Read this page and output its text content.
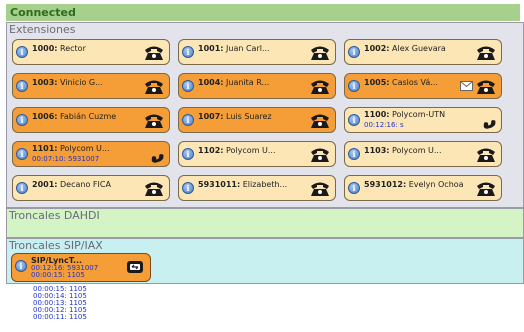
Connected
Extensiones
i	1000: Rector	i	1001: Juan Carl...	i	1002: Alex Guevara
i	1003: Vinicio G...	i	1004: Juanita R...	i	1005: Caslos Vá...
i	1006: Fabián Cuzme	i	1007: Luis Suarez	i
1100: Polycom-UTN
00:12:16: s
i
1101: Polycom U...
00:07:10: 5931007	i	1102: Polycom U...	i	1103: Polycom U...
i	2001: Decano FICA	i	5931011: Elizabeth...	i	5931012: Evelyn Ochoa
Troncales DAHDI
Troncales SIP/IAX
i
SIP/LyncT...
00:12:16: 5931007
00:00:15: 1105
00:00:15: 1105
00:00:14: 1105
00:00:13: 1105
00:00:12: 1105
00:00:11: 1105
